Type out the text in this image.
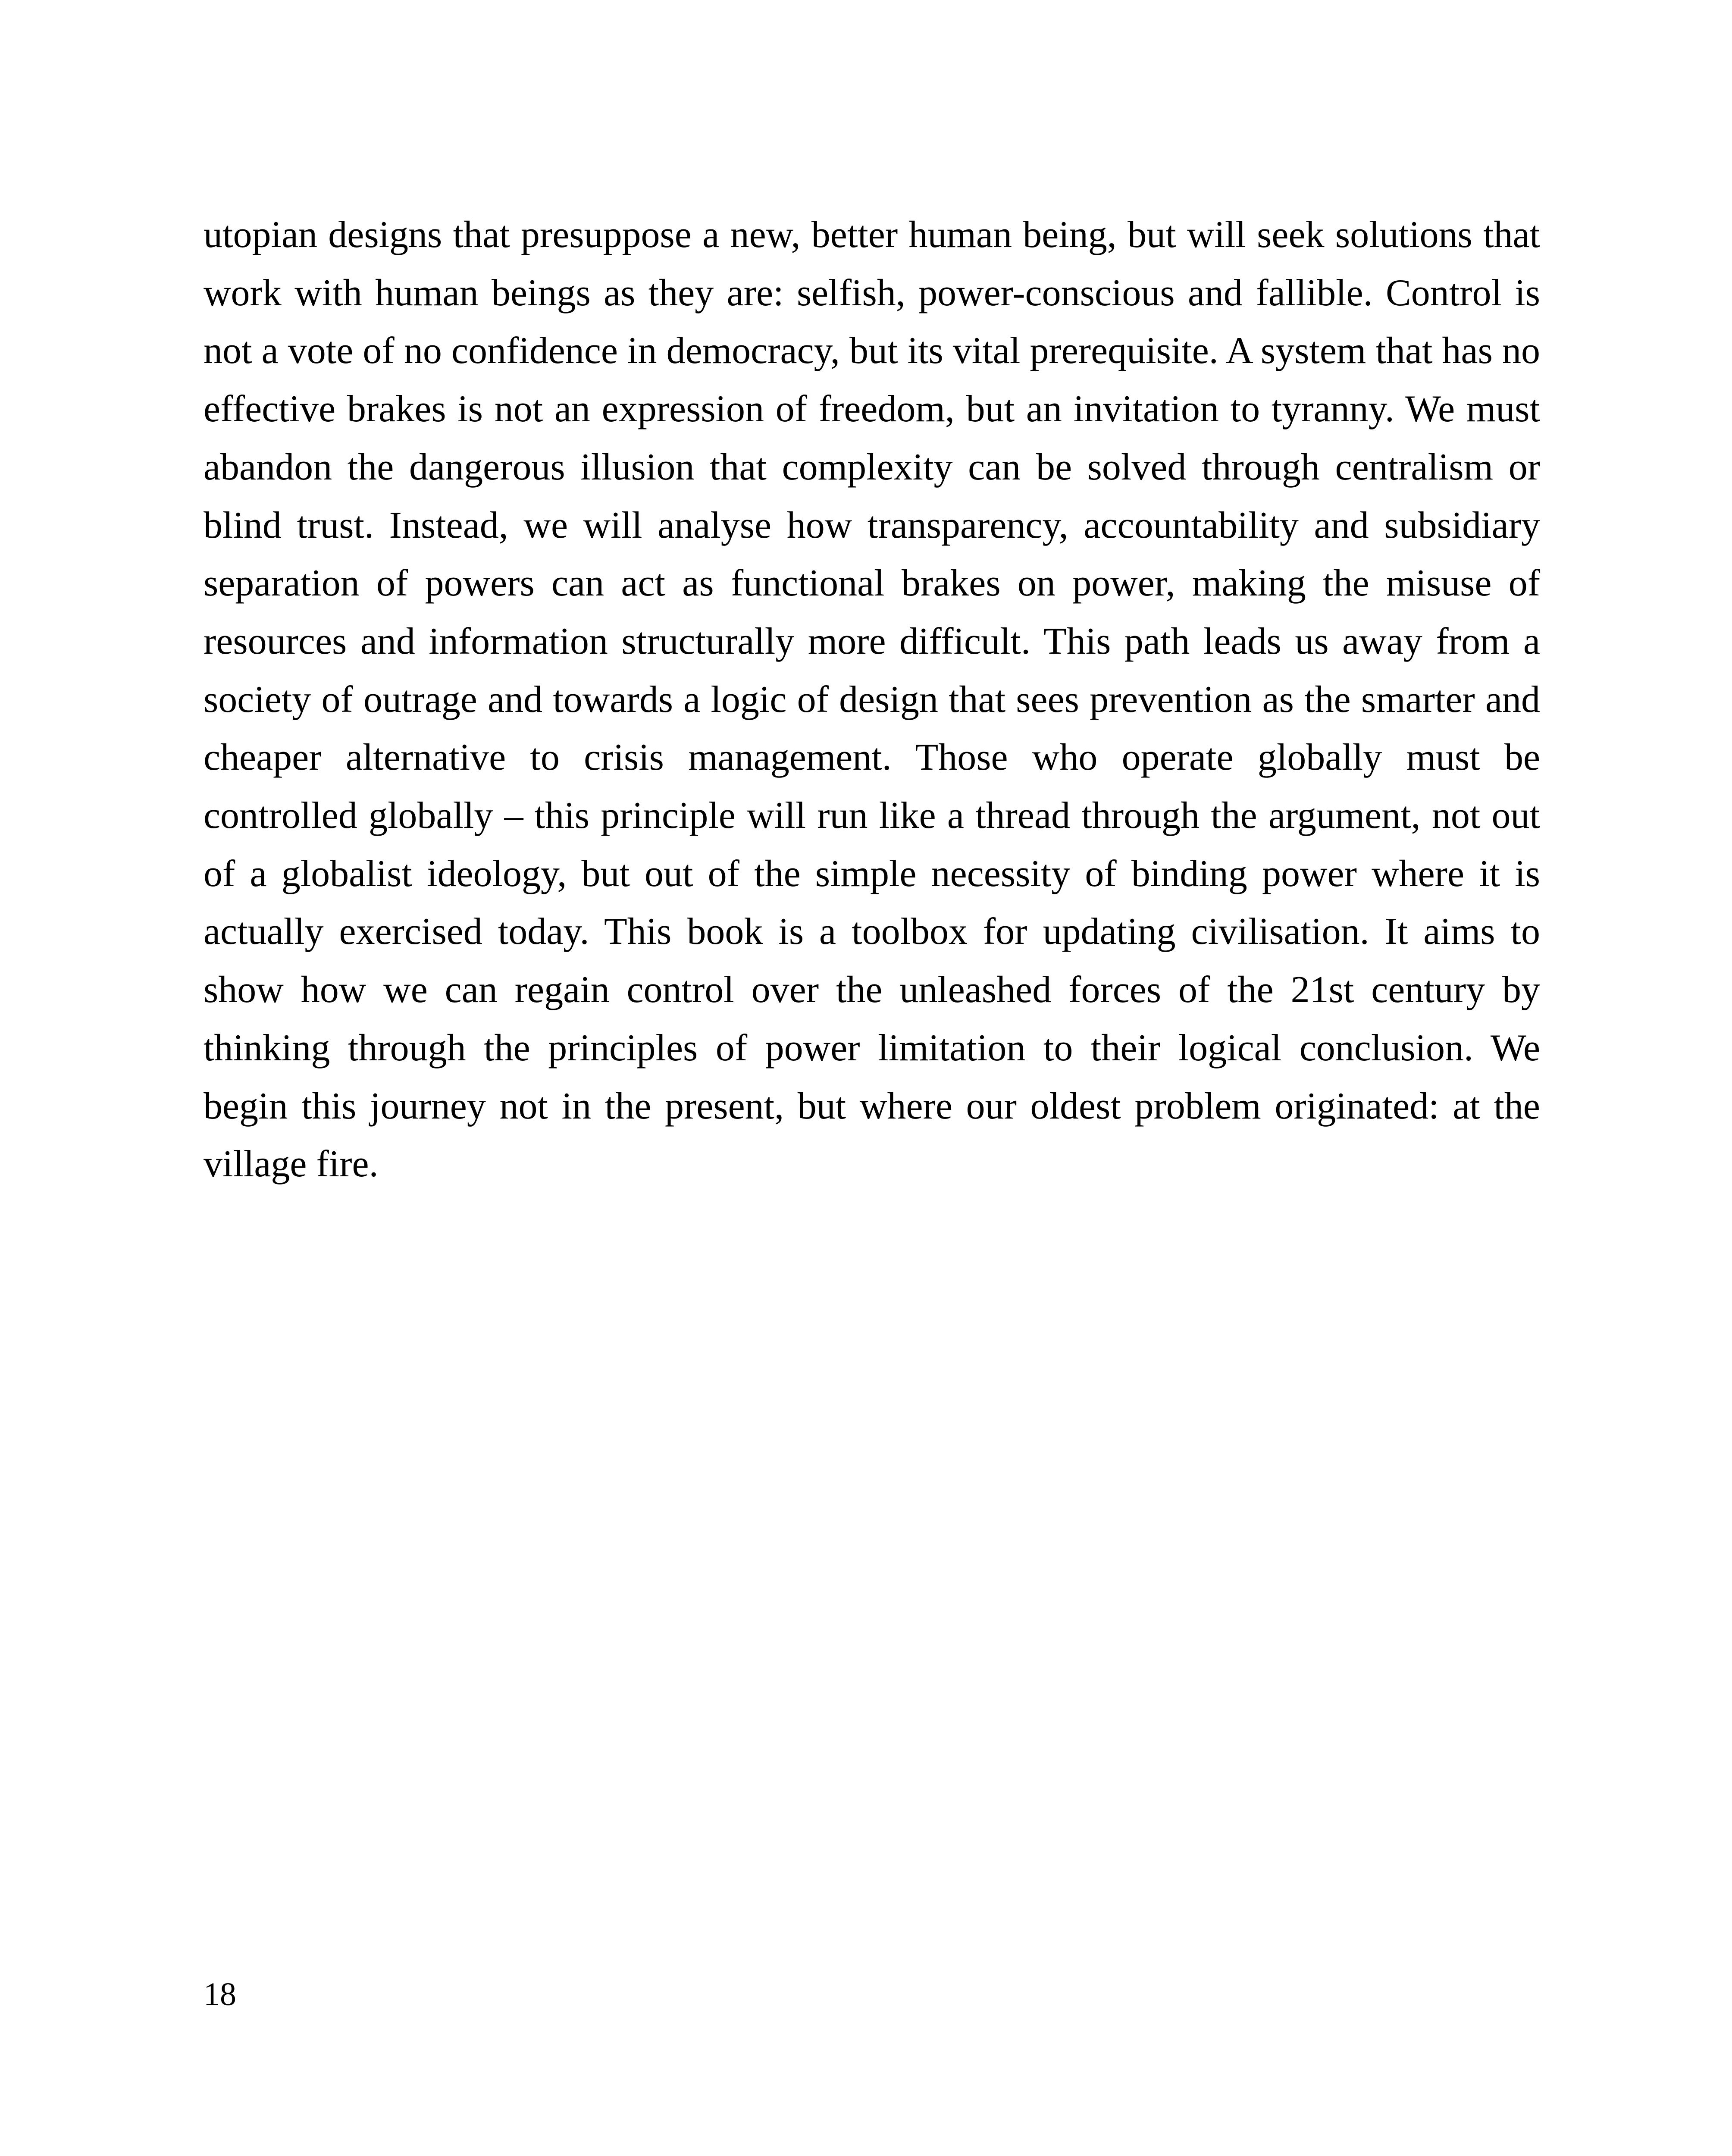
utopian designs that presuppose a new, better human being, but will seek solutions that work with human beings as they are: selfish, power-conscious and fallible. Control is not a vote of no confidence in democracy, but its vital prerequisite. A system that has no effective brakes is not an expression of freedom, but an invitation to tyranny. We must abandon the dangerous illusion that complexity can be solved through centralism or blind trust. Instead, we will analyse how transparency, accountability and subsidiary separation of powers can act as functional brakes on power, making the misuse of resources and information structurally more difficult. This path leads us away from a society of outrage and towards a logic of design that sees prevention as the smarter and cheaper alternative to crisis management. Those who operate globally must be controlled globally – this principle will run like a thread through the argument, not out of a globalist ideology, but out of the simple necessity of binding power where it is actually exercised today. This book is a toolbox for updating civilisation. It aims to show how we can regain control over the unleashed forces of the 21st century by thinking through the principles of power limitation to their logical conclusion. We begin this journey not in the present, but where our oldest problem originated: at the village fire.

18
